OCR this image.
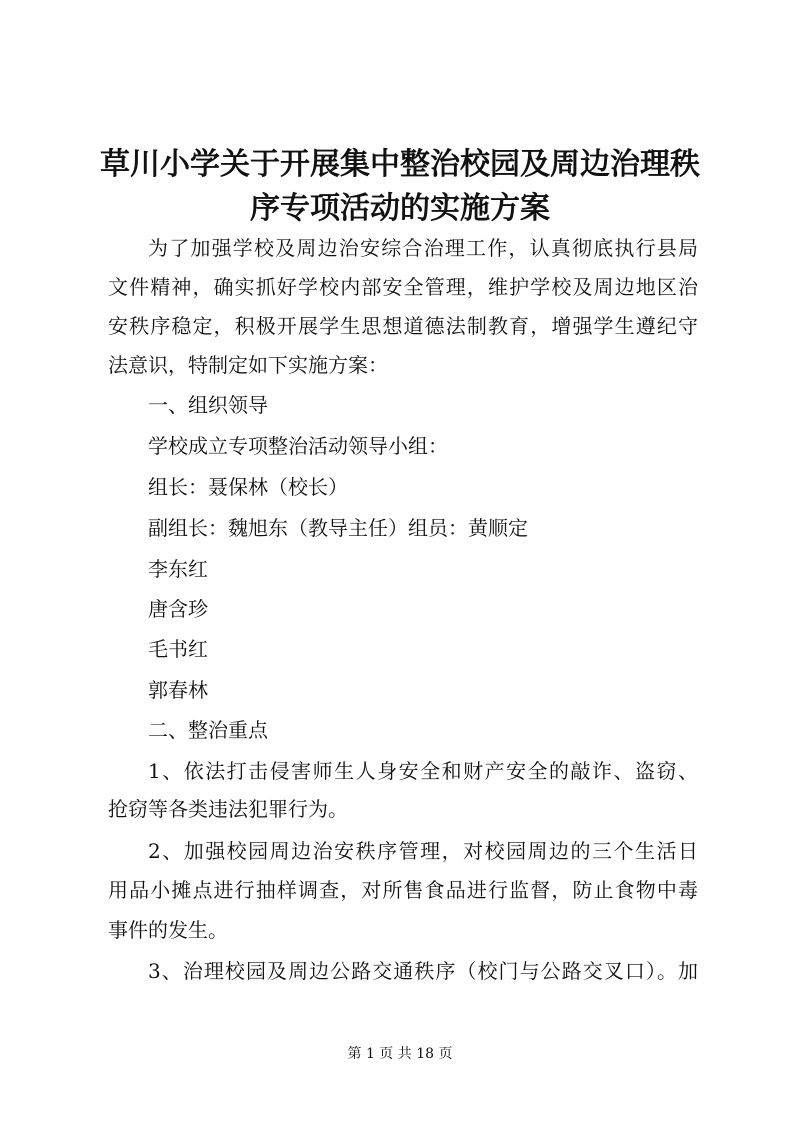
草川小学关于开展集中整治校园及周边治理秩
序专项活动的实施方案

为了加强学校及周边治安综合治理工作，认真彻底执行县局

文件精神，确实抓好学校内部安全管理，维护学校及周边地区治

安秩序稳定，积极开展学生思想道德法制教育，增强学生遵纪守

法意识，特制定如下实施方案：

一、组织领导

学校成立专项整治活动领导小组：

组长：聂保林（校长）

副组长：魏旭东（教导主任）组员：黄顺定

李东红

唐含珍

毛书红

郭春林

二、整治重点

1、依法打击侵害师生人身安全和财产安全的敲诈、盗窃、

抢窃等各类违法犯罪行为。

2、加强校园周边治安秩序管理，对校园周边的三个生活日

用品小摊点进行抽样调查，对所售食品进行监督，防止食物中毒

事件的发生。

3、治理校园及周边公路交通秩序（校门与公路交叉口）。加

第 1 页 共 18 页
